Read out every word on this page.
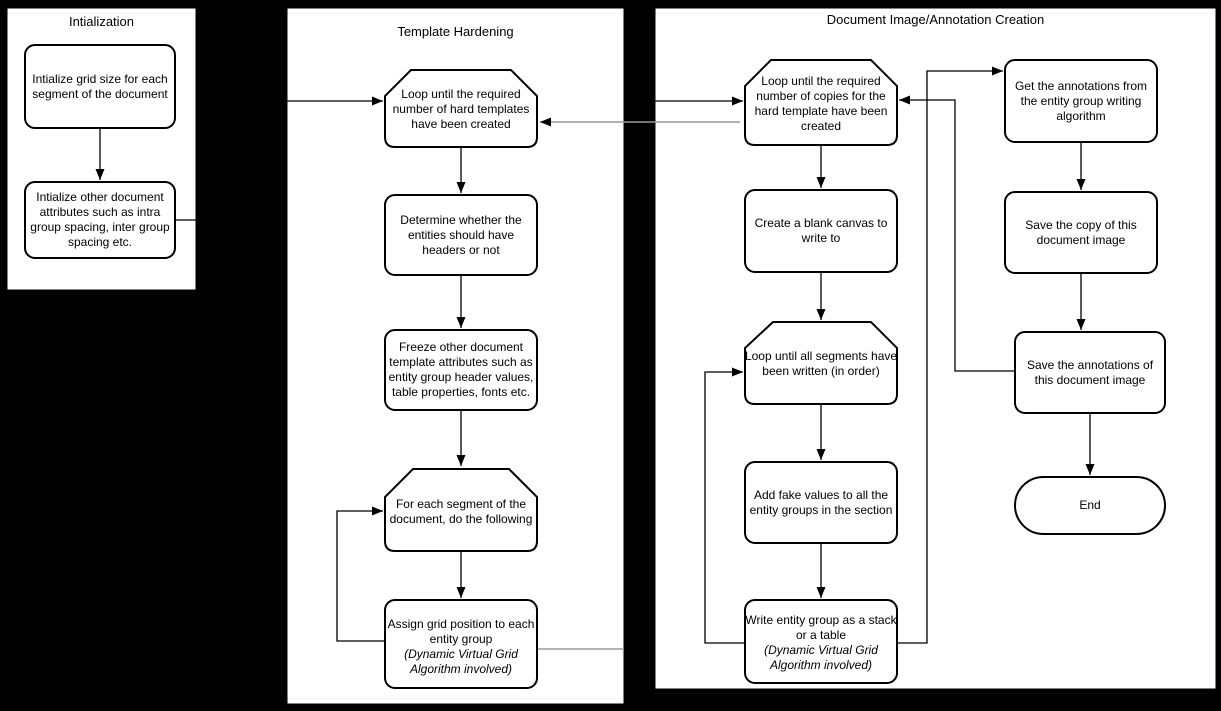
Intialization
Template Hardening
Document Image/Annotation Creation
Intialize grid size for each segment of the document
Intialize other document attributes such as intra group spacing, inter group spacing etc.
Loop until the required number of hard templates have been created
Determine whether the entities should have headers or not
Freeze other document template attributes such as entity group header values, table properties, fonts etc.
For each segment of the document, do the following
Assign grid position to each entity group
(Dynamic Virtual Grid Algorithm involved)
Loop until the required number of copies for the hard template have been created
Create a blank canvas to write to
Loop until all segments have been written (in order)
Add fake values to all the entity groups in the section
Write entity group as a stack or a table
(Dynamic Virtual Grid Algorithm involved)
Get the annotations from the entity group writing algorithm
Save the copy of this document image
Save the annotations of this document image
End
